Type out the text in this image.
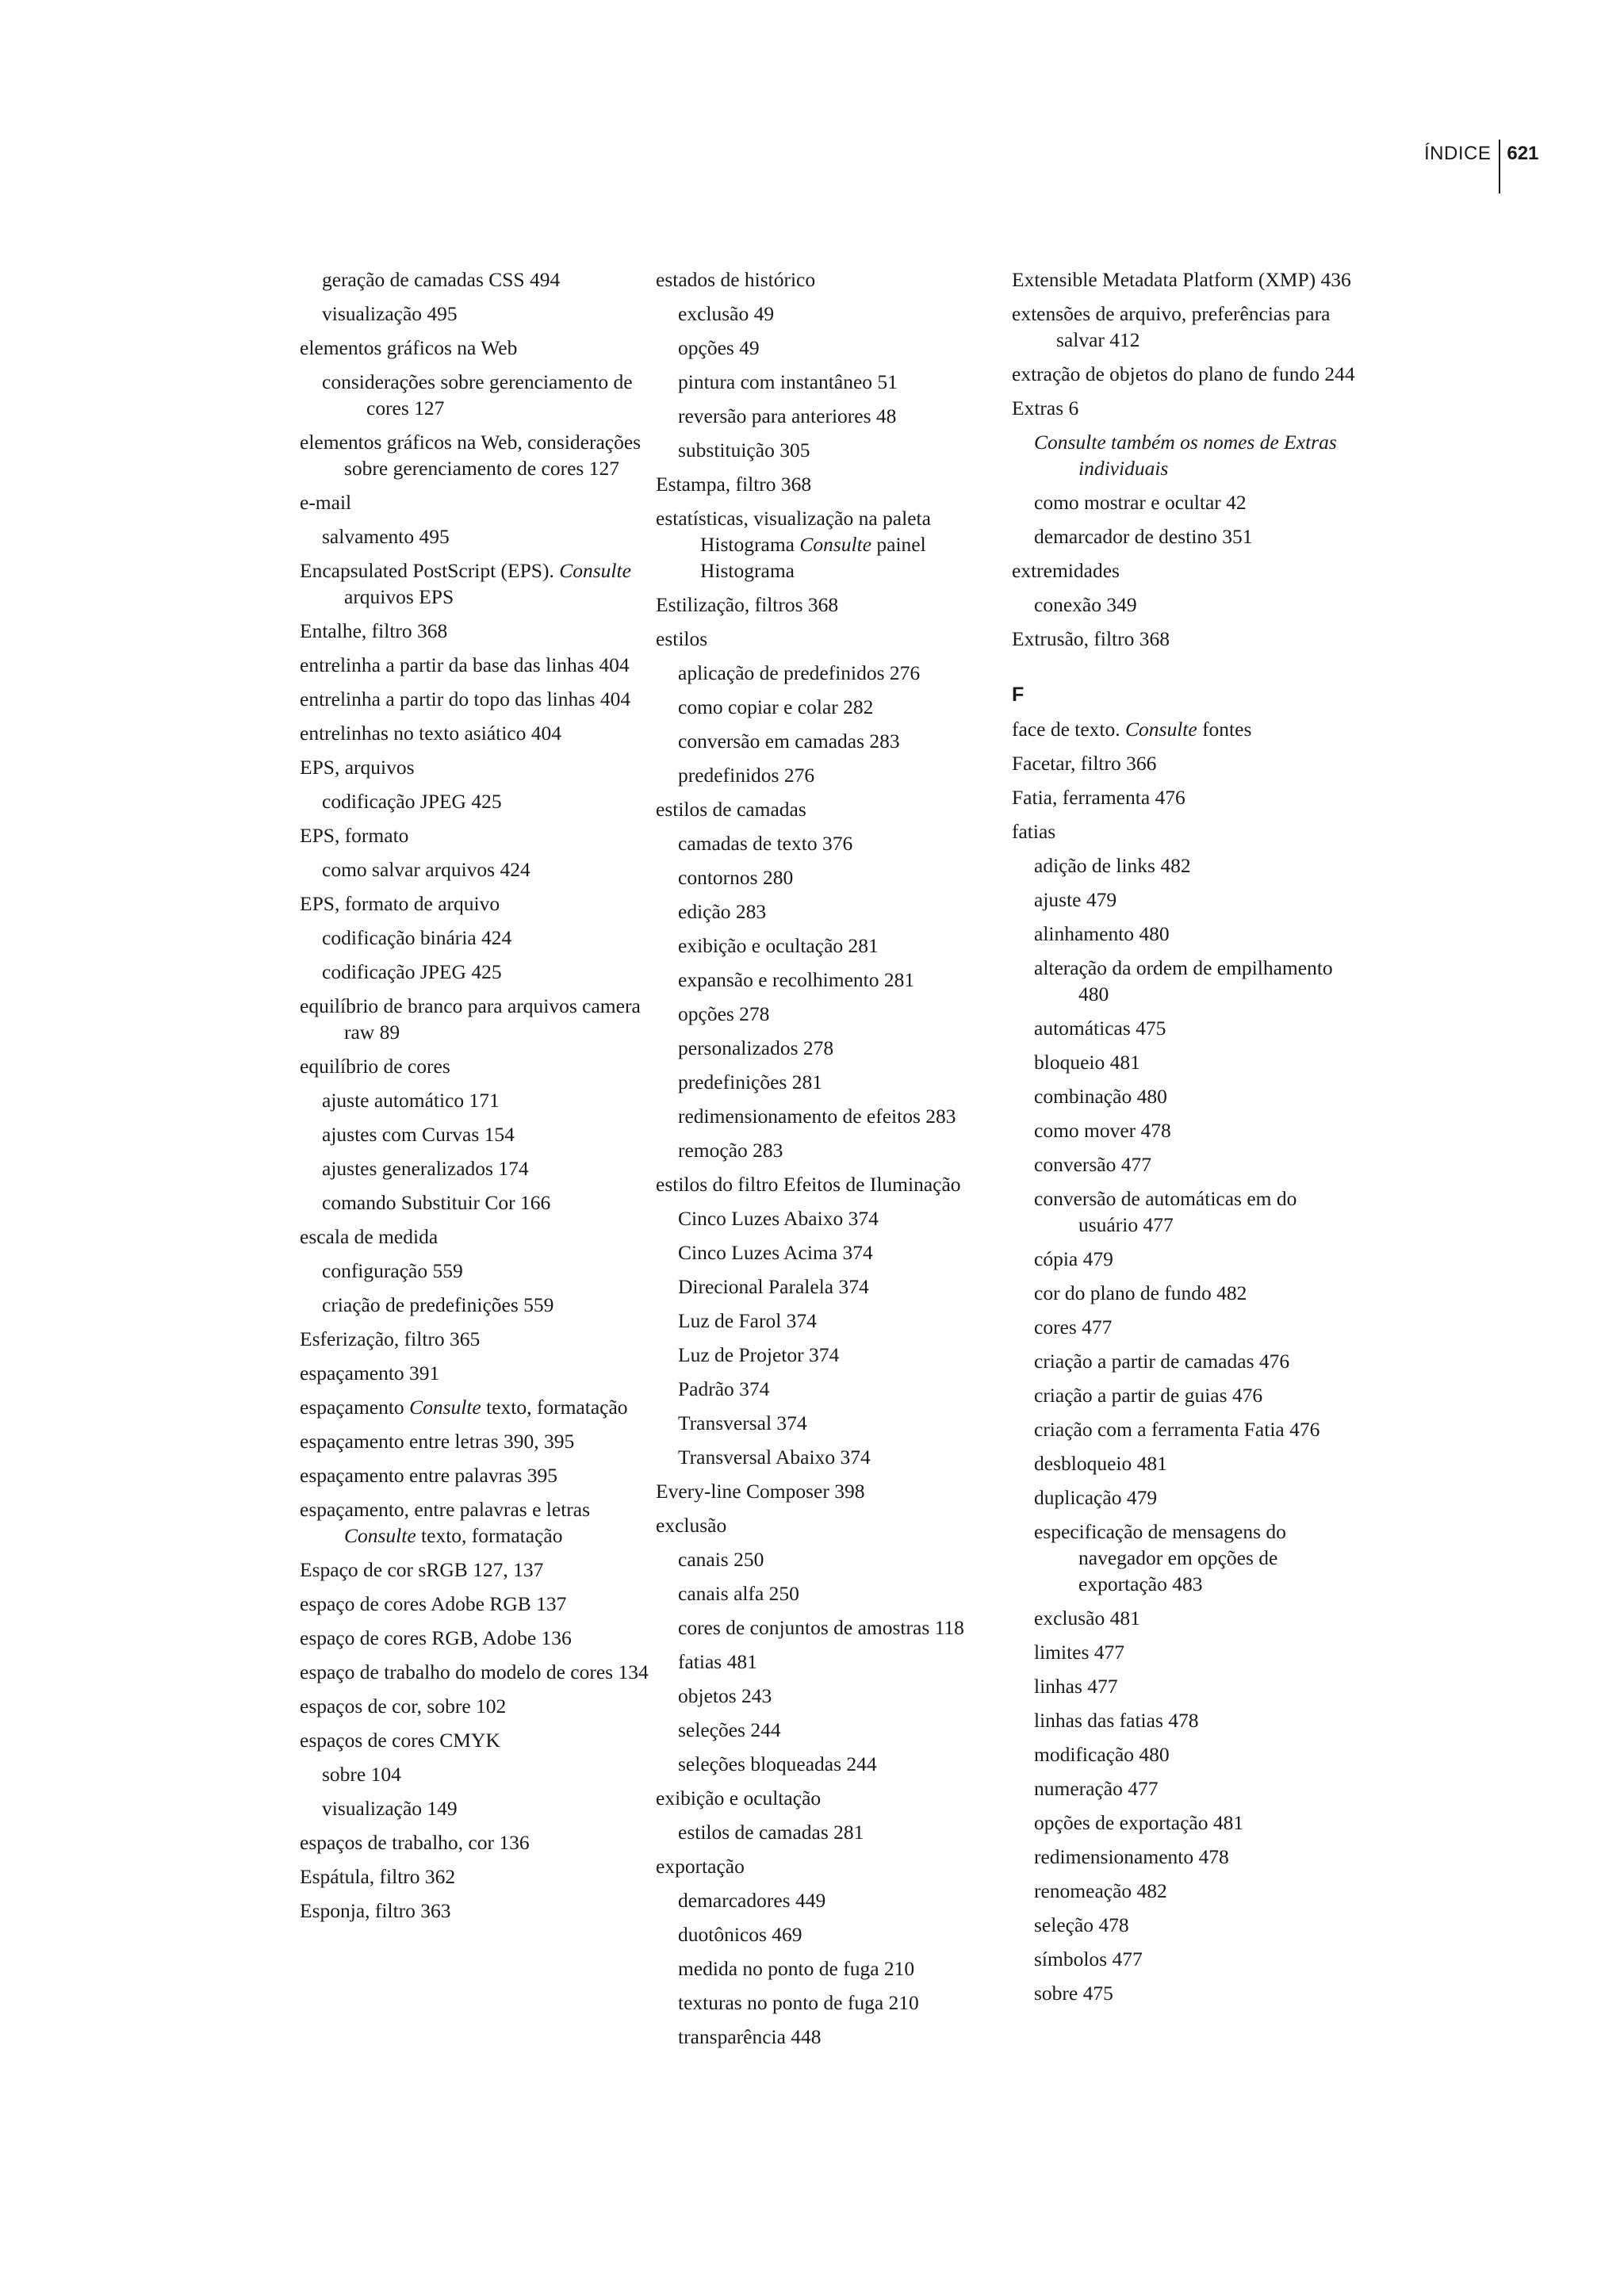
ÍNDICE 621
geração de camadas CSS 494
visualização 495
elementos gráficos na Web
considerações sobre gerenciamento de cores 127
elementos gráficos na Web, considerações sobre gerenciamento de cores 127
e-mail
salvamento 495
Encapsulated PostScript (EPS). Consulte arquivos EPS
Entalhe, filtro 368
entrelinha a partir da base das linhas 404
entrelinha a partir do topo das linhas 404
entrelinhas no texto asiático 404
EPS, arquivos
codificação JPEG 425
EPS, formato
como salvar arquivos 424
EPS, formato de arquivo
codificação binária 424
codificação JPEG 425
equilíbrio de branco para arquivos camera raw 89
equilíbrio de cores
ajuste automático 171
ajustes com Curvas 154
ajustes generalizados 174
comando Substituir Cor 166
escala de medida
configuração 559
criação de predefinições 559
Esferização, filtro 365
espaçamento 391
espaçamento Consulte texto, formatação
espaçamento entre letras 390, 395
espaçamento entre palavras 395
espaçamento, entre palavras e letras Consulte texto, formatação
Espaço de cor sRGB 127, 137
espaço de cores Adobe RGB 137
espaço de cores RGB, Adobe 136
espaço de trabalho do modelo de cores 134
espaços de cor, sobre 102
espaços de cores CMYK
sobre 104
visualização 149
espaços de trabalho, cor 136
Espátula, filtro 362
Esponja, filtro 363
estados de histórico
exclusão 49
opções 49
pintura com instantâneo 51
reversão para anteriores 48
substituição 305
Estampa, filtro 368
estatísticas, visualização na paleta Histograma Consulte painel Histograma
Estilização, filtros 368
estilos
aplicação de predefinidos 276
como copiar e colar 282
conversão em camadas 283
predefinidos 276
estilos de camadas
camadas de texto 376
contornos 280
edição 283
exibição e ocultação 281
expansão e recolhimento 281
opções 278
personalizados 278
predefinições 281
redimensionamento de efeitos 283
remoção 283
estilos do filtro Efeitos de Iluminação
Cinco Luzes Abaixo 374
Cinco Luzes Acima 374
Direcional Paralela 374
Luz de Farol 374
Luz de Projetor 374
Padrão 374
Transversal 374
Transversal Abaixo 374
Every-line Composer 398
exclusão
canais 250
canais alfa 250
cores de conjuntos de amostras 118
fatias 481
objetos 243
seleções 244
seleções bloqueadas 244
exibição e ocultação
estilos de camadas 281
exportação
demarcadores 449
duotônicos 469
medida no ponto de fuga 210
texturas no ponto de fuga 210
transparência 448
Extensible Metadata Platform (XMP) 436
extensões de arquivo, preferências para salvar 412
extração de objetos do plano de fundo 244
Extras 6
Consulte também os nomes de Extras individuais
como mostrar e ocultar 42
demarcador de destino 351
extremidades
conexão 349
Extrusão, filtro 368
F
face de texto. Consulte fontes
Facetar, filtro 366
Fatia, ferramenta 476
fatias
adição de links 482
ajuste 479
alinhamento 480
alteração da ordem de empilhamento 480
automáticas 475
bloqueio 481
combinação 480
como mover 478
conversão 477
conversão de automáticas em do usuário 477
cópia 479
cor do plano de fundo 482
cores 477
criação a partir de camadas 476
criação a partir de guias 476
criação com a ferramenta Fatia 476
desbloqueio 481
duplicação 479
especificação de mensagens do navegador em opções de exportação 483
exclusão 481
limites 477
linhas 477
linhas das fatias 478
modificação 480
numeração 477
opções de exportação 481
redimensionamento 478
renomeação 482
seleção 478
símbolos 477
sobre 475
